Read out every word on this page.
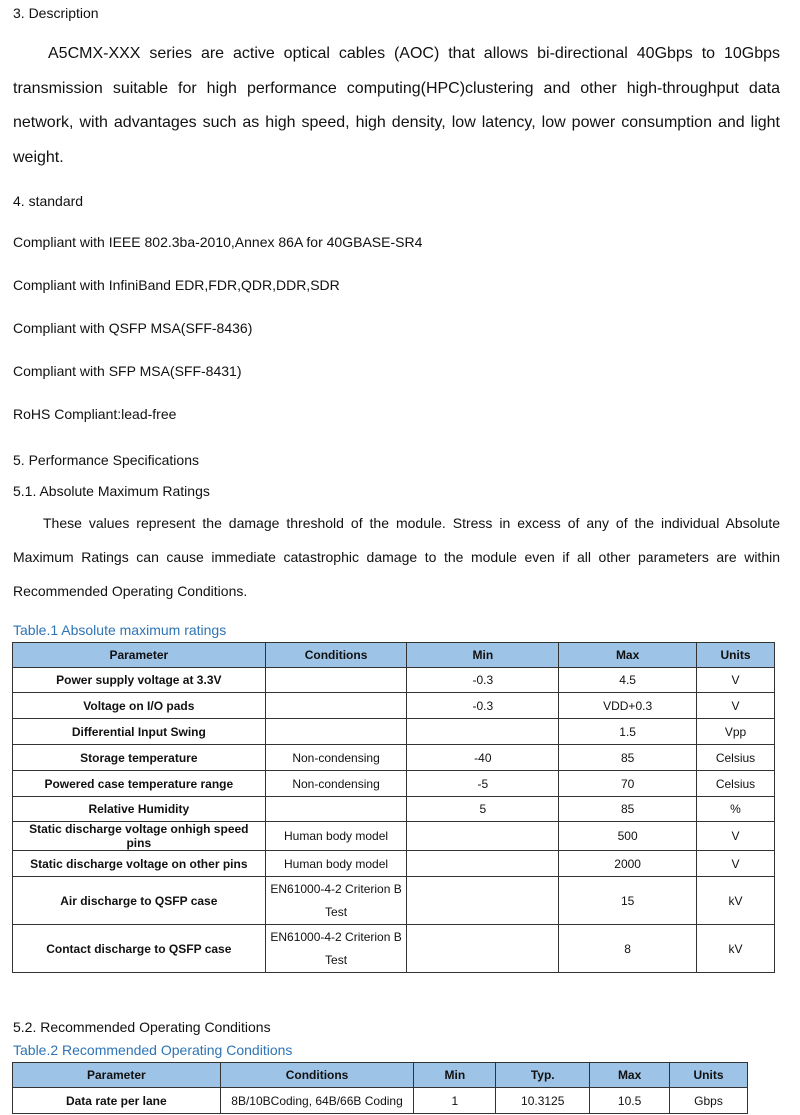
3. Description
A5CMX-XXX series are active optical cables (AOC) that allows bi-directional 40Gbps to 10Gbps transmission suitable for high performance computing(HPC)clustering and other high-throughput data network, with advantages such as high speed, high density, low latency, low power consumption and light weight.
4. standard
Compliant with IEEE 802.3ba-2010,Annex 86A for 40GBASE-SR4
Compliant with InfiniBand EDR,FDR,QDR,DDR,SDR
Compliant with QSFP MSA(SFF-8436)
Compliant with SFP MSA(SFF-8431)
RoHS Compliant:lead-free
5. Performance Specifications
5.1. Absolute Maximum Ratings
These values represent the damage threshold of the module. Stress in excess of any of the individual Absolute Maximum Ratings can cause immediate catastrophic damage to the module even if all other parameters are within Recommended Operating Conditions.
Table.1 Absolute maximum ratings
Parameter	Conditions	Min	Max	Units
Power supply voltage at 3.3V		-0.3	4.5	V
Voltage on I/O pads		-0.3	VDD+0.3	V
Differential Input Swing			1.5	Vpp
Storage temperature	Non-condensing	-40	85	Celsius
Powered case temperature range	Non-condensing	-5	70	Celsius
Relative Humidity		5	85	%
Static discharge voltage onhigh speed pins	Human body model		500	V
Static discharge voltage on other pins	Human body model		2000	V
Air discharge to QSFP case	EN61000-4-2 Criterion B Test		15	kV
Contact discharge to QSFP case	EN61000-4-2 Criterion B Test		8	kV
5.2. Recommended Operating Conditions
Table.2 Recommended Operating Conditions
Parameter	Conditions	Min	Typ.	Max	Units
Data rate per lane	8B/10BCoding, 64B/66B Coding	1	10.3125	10.5	Gbps
